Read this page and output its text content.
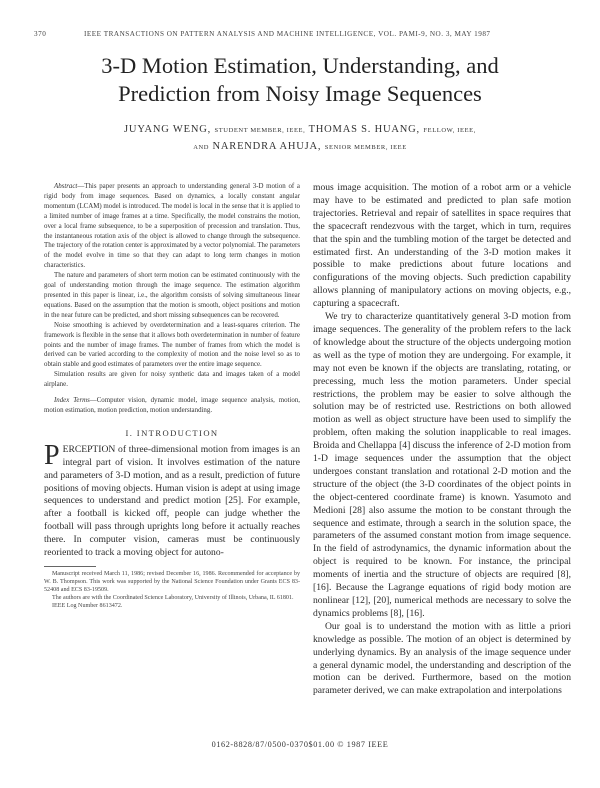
370	IEEE TRANSACTIONS ON PATTERN ANALYSIS AND MACHINE INTELLIGENCE, VOL. PAMI-9, NO. 3, MAY 1987
3-D Motion Estimation, Understanding, and
Prediction from Noisy Image Sequences
JUYANG WENG, STUDENT MEMBER, IEEE, THOMAS S. HUANG, FELLOW, IEEE,
AND NARENDRA AHUJA, SENIOR MEMBER, IEEE

Abstract—This paper presents an approach to understanding general 3-D motion of a rigid body from image sequences. Based on dynamics, a locally constant angular momentum (LCAM) model is introduced. The model is local in the sense that it is applied to a limited number of image frames at a time. Specifically, the model constrains the motion, over a local frame subsequence, to be a superposition of precession and translation. Thus, the instantaneous rotation axis of the object is allowed to change through the subsequence. The trajectory of the rotation center is approximated by a vector polynomial. The parameters of the model evolve in time so that they can adapt to long term changes in motion characteristics.

The nature and parameters of short term motion can be estimated continuously with the goal of understanding motion through the image sequence. The estimation algorithm presented in this paper is linear, i.e., the algorithm consists of solving simultaneous linear equations. Based on the assumption that the motion is smooth, object positions and motion in the near future can be predicted, and short missing subsequences can be recovered.

Noise smoothing is achieved by overdetermination and a least-squares criterion. The framework is flexible in the sense that it allows both overdetermination in number of feature points and the number of image frames. The number of frames from which the model is derived can be varied according to the complexity of motion and the noise level so as to obtain stable and good estimates of parameters over the entire image sequence.

Simulation results are given for noisy synthetic data and images taken of a model airplane.

Index Terms—Computer vision, dynamic model, image sequence analysis, motion, motion estimation, motion prediction, motion understanding.

I. INTRODUCTION

PERCEPTION of three-dimensional motion from images is an integral part of vision. It involves estimation of the nature and parameters of 3-D motion, and as a result, prediction of future positions of moving objects. Human vision is adept at using image sequences to understand and predict motion [25]. For example, after a football is kicked off, people can judge whether the football will pass through uprights long before it actually reaches there. In computer vision, cameras must be continuously reoriented to track a moving object for autono-

Manuscript received March 11, 1986; revised December 16, 1986. Recommended for acceptance by W. B. Thompson. This work was supported by the National Science Foundation under Grants ECS 83-52408 and ECS 83-19509.

The authors are with the Coordinated Science Laboratory, University of Illinois, Urbana, IL 61801.

IEEE Log Number 8613472.

mous image acquisition. The motion of a robot arm or a vehicle may have to be estimated and predicted to plan safe motion trajectories. Retrieval and repair of satellites in space requires that the spacecraft rendezvous with the target, which in turn, requires that the spin and the tumbling motion of the target be detected and estimated first. An understanding of the 3-D motion makes it possible to make predictions about future locations and configurations of the moving objects. Such prediction capability allows planning of manipulatory actions on moving objects, e.g., capturing a spacecraft.

We try to characterize quantitatively general 3-D motion from image sequences. The generality of the problem refers to the lack of knowledge about the structure of the objects undergoing motion as well as the type of motion they are undergoing. For example, it may not even be known if the objects are translating, rotating, or precessing, much less the motion parameters. Under special restrictions, the problem may be easier to solve although the solution may be of restricted use. Restrictions on both allowed motion as well as object structure have been used to simplify the problem, often making the solution inapplicable to real images. Broida and Chellappa [4] discuss the inference of 2-D motion from 1-D image sequences under the assumption that the object undergoes constant translation and rotational 2-D motion and the structure of the object (the 3-D coordinates of the object points in the object-centered coordinate frame) is known. Yasumoto and Medioni [28] also assume the motion to be constant through the sequence and estimate, through a search in the solution space, the parameters of the assumed constant motion from image sequence. In the field of astrodynamics, the dynamic information about the object is required to be known. For instance, the principal moments of inertia and the structure of objects are required [8], [16]. Because the Lagrange equations of rigid body motion are nonlinear [12], [20], numerical methods are necessary to solve the dynamics problems [8], [16].

Our goal is to understand the motion with as little a priori knowledge as possible. The motion of an object is determined by underlying dynamics. By an analysis of the image sequence under a general dynamic model, the understanding and description of the motion can be derived. Furthermore, based on the motion parameter derived, we can make extrapolation and interpolations

0162-8828/87/0500-0370$01.00 © 1987 IEEE
